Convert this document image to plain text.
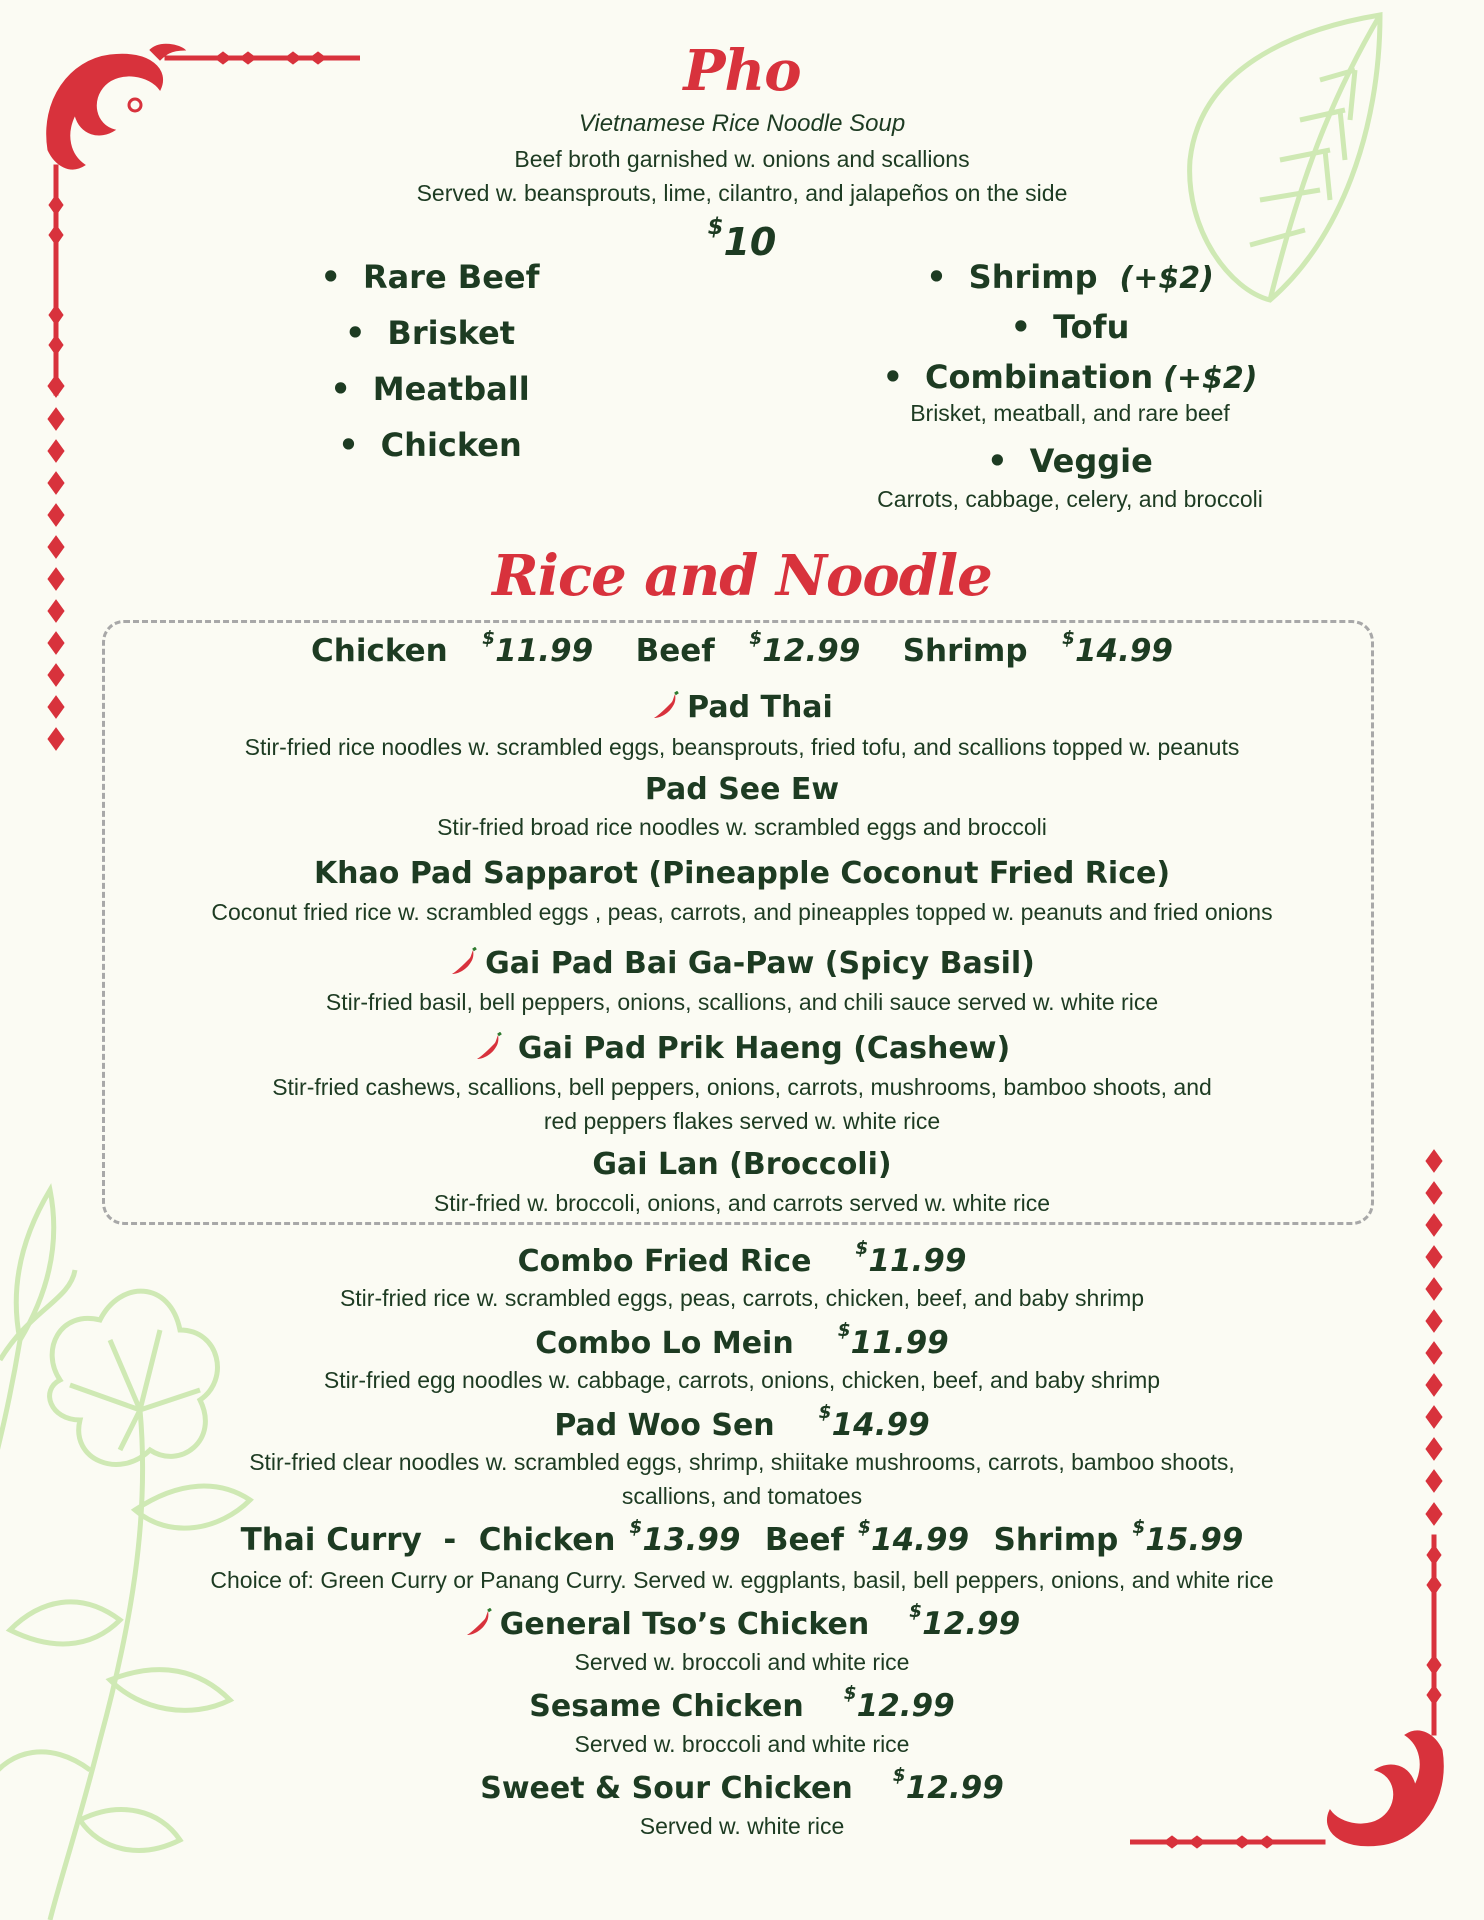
Pho
Vietnamese Rice Noodle Soup
Beef broth garnished w. onions and scallions
Served w. beansprouts, lime, cilantro, and jalapeños on the side
$10
• Rare Beef
• Brisket
• Meatball
• Chicken
• Shrimp (+$2)
• Tofu
• Combination (+$2)
Brisket, meatball, and rare beef
• Veggie
Carrots, cabbage, celery, and broccoli
Rice and Noodle
Chicken $11.99 Beef $12.99 Shrimp $14.99
Pad Thai
Stir-fried rice noodles w. scrambled eggs, beansprouts, fried tofu, and scallions topped w. peanuts
Pad See Ew
Stir-fried broad rice noodles w. scrambled eggs and broccoli
Khao Pad Sapparot (Pineapple Coconut Fried Rice)
Coconut fried rice w. scrambled eggs , peas, carrots, and pineapples topped w. peanuts and fried onions
Gai Pad Bai Ga-Paw (Spicy Basil)
Stir-fried basil, bell peppers, onions, scallions, and chili sauce served w. white rice
Gai Pad Prik Haeng (Cashew)
Stir-fried cashews, scallions, bell peppers, onions, carrots, mushrooms, bamboo shoots, and
red peppers flakes served w. white rice
Gai Lan (Broccoli)
Stir-fried w. broccoli, onions, and carrots served w. white rice
Combo Fried Rice $11.99
Stir-fried rice w. scrambled eggs, peas, carrots, chicken, beef, and baby shrimp
Combo Lo Mein $11.99
Stir-fried egg noodles w. cabbage, carrots, onions, chicken, beef, and baby shrimp
Pad Woo Sen $14.99
Stir-fried clear noodles w. scrambled eggs, shrimp, shiitake mushrooms, carrots, bamboo shoots,
scallions, and tomatoes
Thai Curry  - Chicken $13.99 Beef $14.99 Shrimp $15.99
Choice of: Green Curry or Panang Curry. Served w. eggplants, basil, bell peppers, onions, and white rice
General Tso’s Chicken $12.99
Served w. broccoli and white rice
Sesame Chicken $12.99
Served w. broccoli and white rice
Sweet & Sour Chicken $12.99
Served w. white rice
